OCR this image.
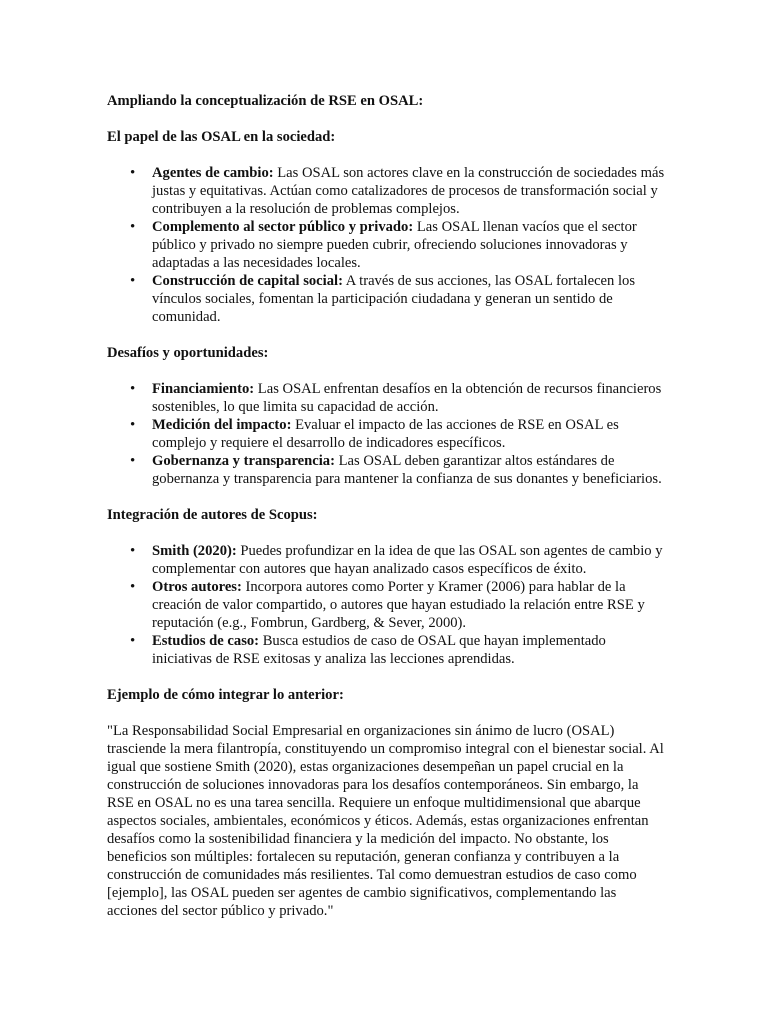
Ampliando la conceptualización de RSE en OSAL:

El papel de las OSAL en la sociedad:

• Agentes de cambio: Las OSAL son actores clave en la construcción de sociedades más justas y equitativas. Actúan como catalizadores de procesos de transformación social y contribuyen a la resolución de problemas complejos.
• Complemento al sector público y privado: Las OSAL llenan vacíos que el sector público y privado no siempre pueden cubrir, ofreciendo soluciones innovadoras y adaptadas a las necesidades locales.
• Construcción de capital social: A través de sus acciones, las OSAL fortalecen los vínculos sociales, fomentan la participación ciudadana y generan un sentido de comunidad.

Desafíos y oportunidades:

• Financiamiento: Las OSAL enfrentan desafíos en la obtención de recursos financieros sostenibles, lo que limita su capacidad de acción.
• Medición del impacto: Evaluar el impacto de las acciones de RSE en OSAL es complejo y requiere el desarrollo de indicadores específicos.
• Gobernanza y transparencia: Las OSAL deben garantizar altos estándares de gobernanza y transparencia para mantener la confianza de sus donantes y beneficiarios.

Integración de autores de Scopus:

• Smith (2020): Puedes profundizar en la idea de que las OSAL son agentes de cambio y complementar con autores que hayan analizado casos específicos de éxito.
• Otros autores: Incorpora autores como Porter y Kramer (2006) para hablar de la creación de valor compartido, o autores que hayan estudiado la relación entre RSE y reputación (e.g., Fombrun, Gardberg, & Sever, 2000).
• Estudios de caso: Busca estudios de caso de OSAL que hayan implementado iniciativas de RSE exitosas y analiza las lecciones aprendidas.

Ejemplo de cómo integrar lo anterior:

"La Responsabilidad Social Empresarial en organizaciones sin ánimo de lucro (OSAL) trasciende la mera filantropía, constituyendo un compromiso integral con el bienestar social. Al igual que sostiene Smith (2020), estas organizaciones desempeñan un papel crucial en la construcción de soluciones innovadoras para los desafíos contemporáneos. Sin embargo, la RSE en OSAL no es una tarea sencilla. Requiere un enfoque multidimensional que abarque aspectos sociales, ambientales, económicos y éticos. Además, estas organizaciones enfrentan desafíos como la sostenibilidad financiera y la medición del impacto. No obstante, los beneficios son múltiples: fortalecen su reputación, generan confianza y contribuyen a la construcción de comunidades más resilientes. Tal como demuestran estudios de caso como [ejemplo], las OSAL pueden ser agentes de cambio significativos, complementando las acciones del sector público y privado."
